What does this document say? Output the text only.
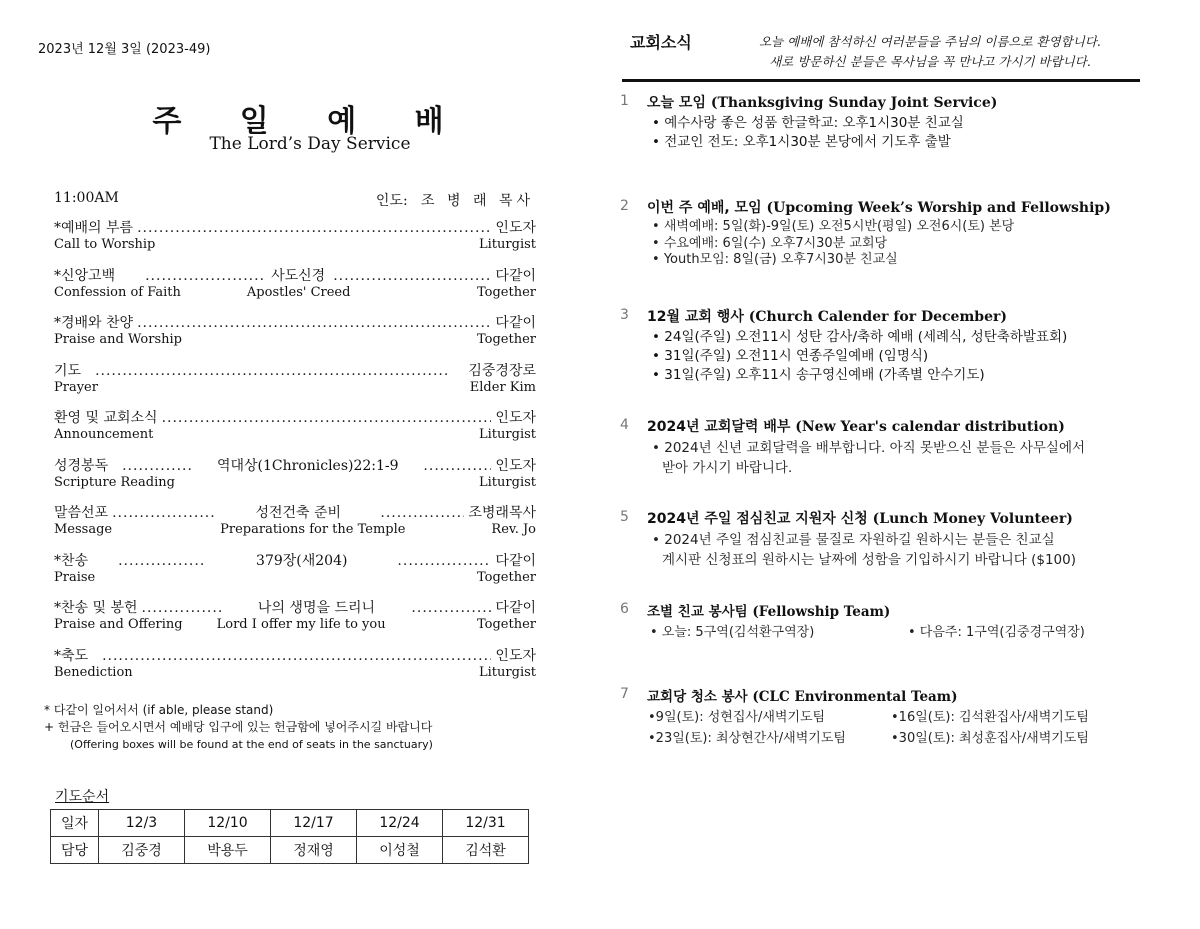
2023년 12월 3일 (2023-49)
주 일 예 배
The Lord’s Day Service
11:00AM	인도: 조 병 래 목사
*예배의 부름 .....	인도자
Call to Worship	Liturgist
*신앙고백 .....	사도신경 .....	다같이
Confession of Faith	Apostles' Creed	Together
*경배와 찬양 .....	다같이
Praise and Worship	Together
기도 .....	김중경장로
Prayer	Elder Kim
환영 및 교회소식 .....	인도자
Announcement	Liturgist
성경봉독 .....	역대상(1Chronicles)22:1-9 .....	인도자
Scripture Reading	Liturgist
말씀선포 .....	성전건축 준비 .....	조병래목사
Message	Preparations for the Temple	Rev. Jo
*찬송 .....	379장(새204) .....	다같이
Praise	Together
*찬송 및 봉헌 .....	나의 생명을 드리니 .....	다같이
Praise and Offering	Lord I offer my life to you	Together
*축도 .....	인도자
Benediction	Liturgist
* 다같이 일어서서 (if able, please stand)
+ 헌금은 들어오시면서 예배당 입구에 있는 헌금함에 넣어주시길 바랍니다
(Offering boxes will be found at the end of seats in the sanctuary)
기도순서
일자	12/3	12/10	12/17	12/24	12/31
담당	김중경	박용두	정재영	이성철	김석환
교회소식	오늘 예배에 참석하신 여러분들을 주님의 이름으로 환영합니다.
새로 방문하신 분들은 목사님을 꼭 만나고 가시기 바랍니다.
1 오늘 모임 (Thanksgiving Sunday Joint Service)
• 예수사랑 좋은 성품 한글학교: 오후1시30분 친교실
• 전교인 전도: 오후1시30분 본당에서 기도후 출발
2 이번 주 예배, 모임 (Upcoming Week’s Worship and Fellowship)
• 새벽예배: 5일(화)-9일(토) 오전5시반(평일) 오전6시(토) 본당
• 수요예배: 6일(수) 오후7시30분 교회당
• Youth모임: 8일(금) 오후7시30분 친교실
3 12월 교회 행사 (Church Calender for December)
• 24일(주일) 오전11시 성탄 감사/축하 예배 (세례식, 성탄축하발표회)
• 31일(주일) 오전11시 연종주일예배 (임명식)
• 31일(주일) 오후11시 송구영신예배 (가족별 안수기도)
4 2024년 교회달력 배부 (New Year's calendar distribution)
• 2024년 신년 교회달력을 배부합니다. 아직 못받으신 분들은 사무실에서
받아 가시기 바랍니다.
5 2024년 주일 점심친교 지원자 신청 (Lunch Money Volunteer)
• 2024년 주일 점심친교를 물질로 자원하길 원하시는 분들은 친교실
계시판 신청표의 원하시는 날짜에 성함을 기입하시기 바랍니다 ($100)
6 조별 친교 봉사팀 (Fellowship Team)
• 오늘: 5구역(김석환구역장)	• 다음주: 1구역(김중경구역장)
7 교회당 청소 봉사 (CLC Environmental Team)
•9일(토): 성현집사/새벽기도팀	•16일(토): 김석환집사/새벽기도팀
•23일(토): 최상현간사/새벽기도팀	•30일(토): 최성훈집사/새벽기도팀
